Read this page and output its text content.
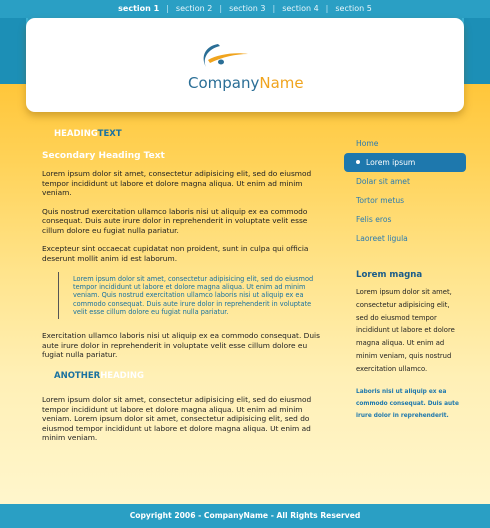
section 1 | section 2 | section 3 | section 4 | section 5
CompanyName

HEADINGTEXT

Secondary Heading Text

Lorem ipsum dolor sit amet, consectetur adipisicing elit, sed do eiusmod tempor incididunt ut labore et dolore magna aliqua. Ut enim ad minim veniam.

Quis nostrud exercitation ullamco laboris nisi ut aliquip ex ea commodo consequat. Duis aute irure dolor in reprehenderit in voluptate velit esse cillum dolore eu fugiat nulla pariatur.

Excepteur sint occaecat cupidatat non proident, sunt in culpa qui officia deserunt mollit anim id est laborum.

Lorem ipsum dolor sit amet, consectetur adipisicing elit, sed do eiusmod tempor incididunt ut labore et dolore magna aliqua. Ut enim ad minim veniam. Quis nostrud exercitation ullamco laboris nisi ut aliquip ex ea commodo consequat. Duis aute irure dolor in reprehenderit in voluptate velit esse cillum dolore eu fugiat nulla pariatur.

Exercitation ullamco laboris nisi ut aliquip ex ea commodo consequat. Duis aute irure dolor in reprehenderit in voluptate velit esse cillum dolore eu fugiat nulla pariatur.

ANOTHERHEADING

Lorem ipsum dolor sit amet, consectetur adipisicing elit, sed do eiusmod tempor incididunt ut labore et dolore magna aliqua. Ut enim ad minim veniam. Lorem ipsum dolor sit amet, consectetur adipisicing elit, sed do eiusmod tempor incididunt ut labore et dolore magna aliqua. Ut enim ad minim veniam.

Home
Lorem ipsum
Dolar sit amet
Tortor metus
Felis eros
Laoreet ligula

Lorem magna

Lorem ipsum dolor sit amet, consectetur adipisicing elit, sed do eiusmod tempor incididunt ut labore et dolore magna aliqua. Ut enim ad minim veniam, quis nostrud exercitation ullamco.

Laboris nisi ut aliquip ex ea commodo consequat. Duis aute irure dolor in reprehenderit.

Copyright 2006 - CompanyName - All Rights Reserved
